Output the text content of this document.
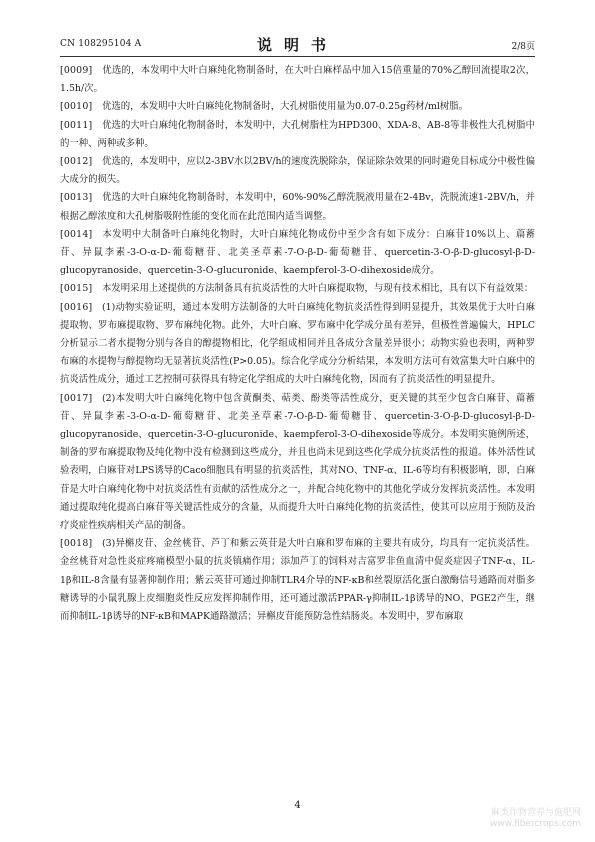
CN 108295104 A	说明书	2/8页

[0009] 优选的，本发明中大叶白麻纯化物制备时，在大叶白麻样品中加入15倍重量的70%乙醇回流提取2次，1.5h/次。

[0010] 优选的，本发明中大叶白麻纯化物制备时，大孔树脂使用量为0.07-0.25g药材/ml树脂。

[0011] 优选的大叶白麻纯化物制备时，本发明中，大孔树脂柱为HPD300、XDA-8、AB-8等非极性大孔树脂中的一种、两种或多种。

[0012] 优选的，本发明中，应以2-3BV水以2BV/h的速度洗脱除杂，保证除杂效果的同时避免目标成分中极性偏大成分的损失。

[0013] 优选的大叶白麻纯化物制备时，本发明中，60%-90%乙醇洗脱液用量在2-4Bv，洗脱流速1-2BV/h，并根据乙醇浓度和大孔树脂吸附性能的变化而在此范围内适当调整。

[0014] 本发明中大制备叶白麻纯化物时，大叶白麻纯化物成份中至少含有如下成分：白麻苷10%以上、萹蓄苷、异鼠李素-3-O-α-D-葡萄糖苷、北美圣草素-7-O-β-D-葡萄糖苷、quercetin-3-O-β-D-glucosyl-β-D-glucopyranoside、quercetin-3-O-glucuronide、kaempferol-3-O-dihexoside成分。

[0015] 本发明采用上述提供的方法制备具有抗炎活性的大叶白麻提取物，与现有技术相比，具有以下有益效果：

[0016] (1)动物实验证明，通过本发明方法制备的大叶白麻纯化物抗炎活性得到明显提升，其效果优于大叶白麻提取物、罗布麻提取物、罗布麻纯化物。此外，大叶白麻、罗布麻中化学成分虽有差异，但极性普遍偏大，HPLC分析显示二者水提物分别与各自的醇提物相比，化学组成相同并且各成分含量差异很小；动物实验也表明，两种罗布麻的水提物与醇提物均无显著抗炎活性(P>0.05)。综合化学成分分析结果，本发明方法可有效富集大叶白麻中的抗炎活性成分，通过工艺控制可获得具有特定化学组成的大叶白麻纯化物，因而有了抗炎活性的明显提升。

[0017] (2)本发明大叶白麻纯化物中包含黄酮类、萜类、酚类等活性成分，更关键的其至少包含白麻苷、萹蓄苷、异鼠李素-3-O-α-D-葡萄糖苷、北美圣草素-7-O-β-D-葡萄糖苷、quercetin-3-O-β-D-glucosyl-β-D-glucopyranoside、quercetin-3-O-glucuronide、kaempferol-3-O-dihexoside等成分。本发明实施例所述，制备的罗布麻提取物及纯化物中没有检测到这些成分，并且也尚未见到这些化学成分抗炎活性的报道。体外活性试验表明，白麻苷对LPS诱导的Caco细胞具有明显的抗炎活性，其对NO、TNF-α、IL-6等均有积极影响，即，白麻苷是大叶白麻纯化物中对抗炎活性有贡献的活性成分之一，并配合纯化物中的其他化学成分发挥抗炎活性。本发明通过提取纯化提高白麻苷等关键活性成分的含量，从而提升大叶白麻纯化物的抗炎活性，使其可以应用于预防及治疗炎症性疾病相关产品的制备。

[0018] (3)异槲皮苷、金丝桃苷、芦丁和紫云英苷是大叶白麻和罗布麻的主要共有成分，均具有一定抗炎活性。金丝桃苷对急性炎症疼痛模型小鼠的抗炎镇痛作用；添加芦丁的饲料对吉富罗非鱼血清中促炎症因子TNF-α、IL-1β和IL-8含量有显著抑制作用；紫云英苷可通过抑制TLR4介导的NF-κB和丝裂原活化蛋白激酶信号通路而对脂多糖诱导的小鼠乳腺上皮细胞炎性反应发挥抑制作用，还可通过激活PPAR-γ抑制IL-1β诱导的NO、PGE2产生，继而抑制IL-1β诱导的NF-κB和MAPK通路激活；异槲皮苷能预防急性结肠炎。本发明中，罗布麻取

4
麻类作物营养与施肥网
www.fibercrops.com
